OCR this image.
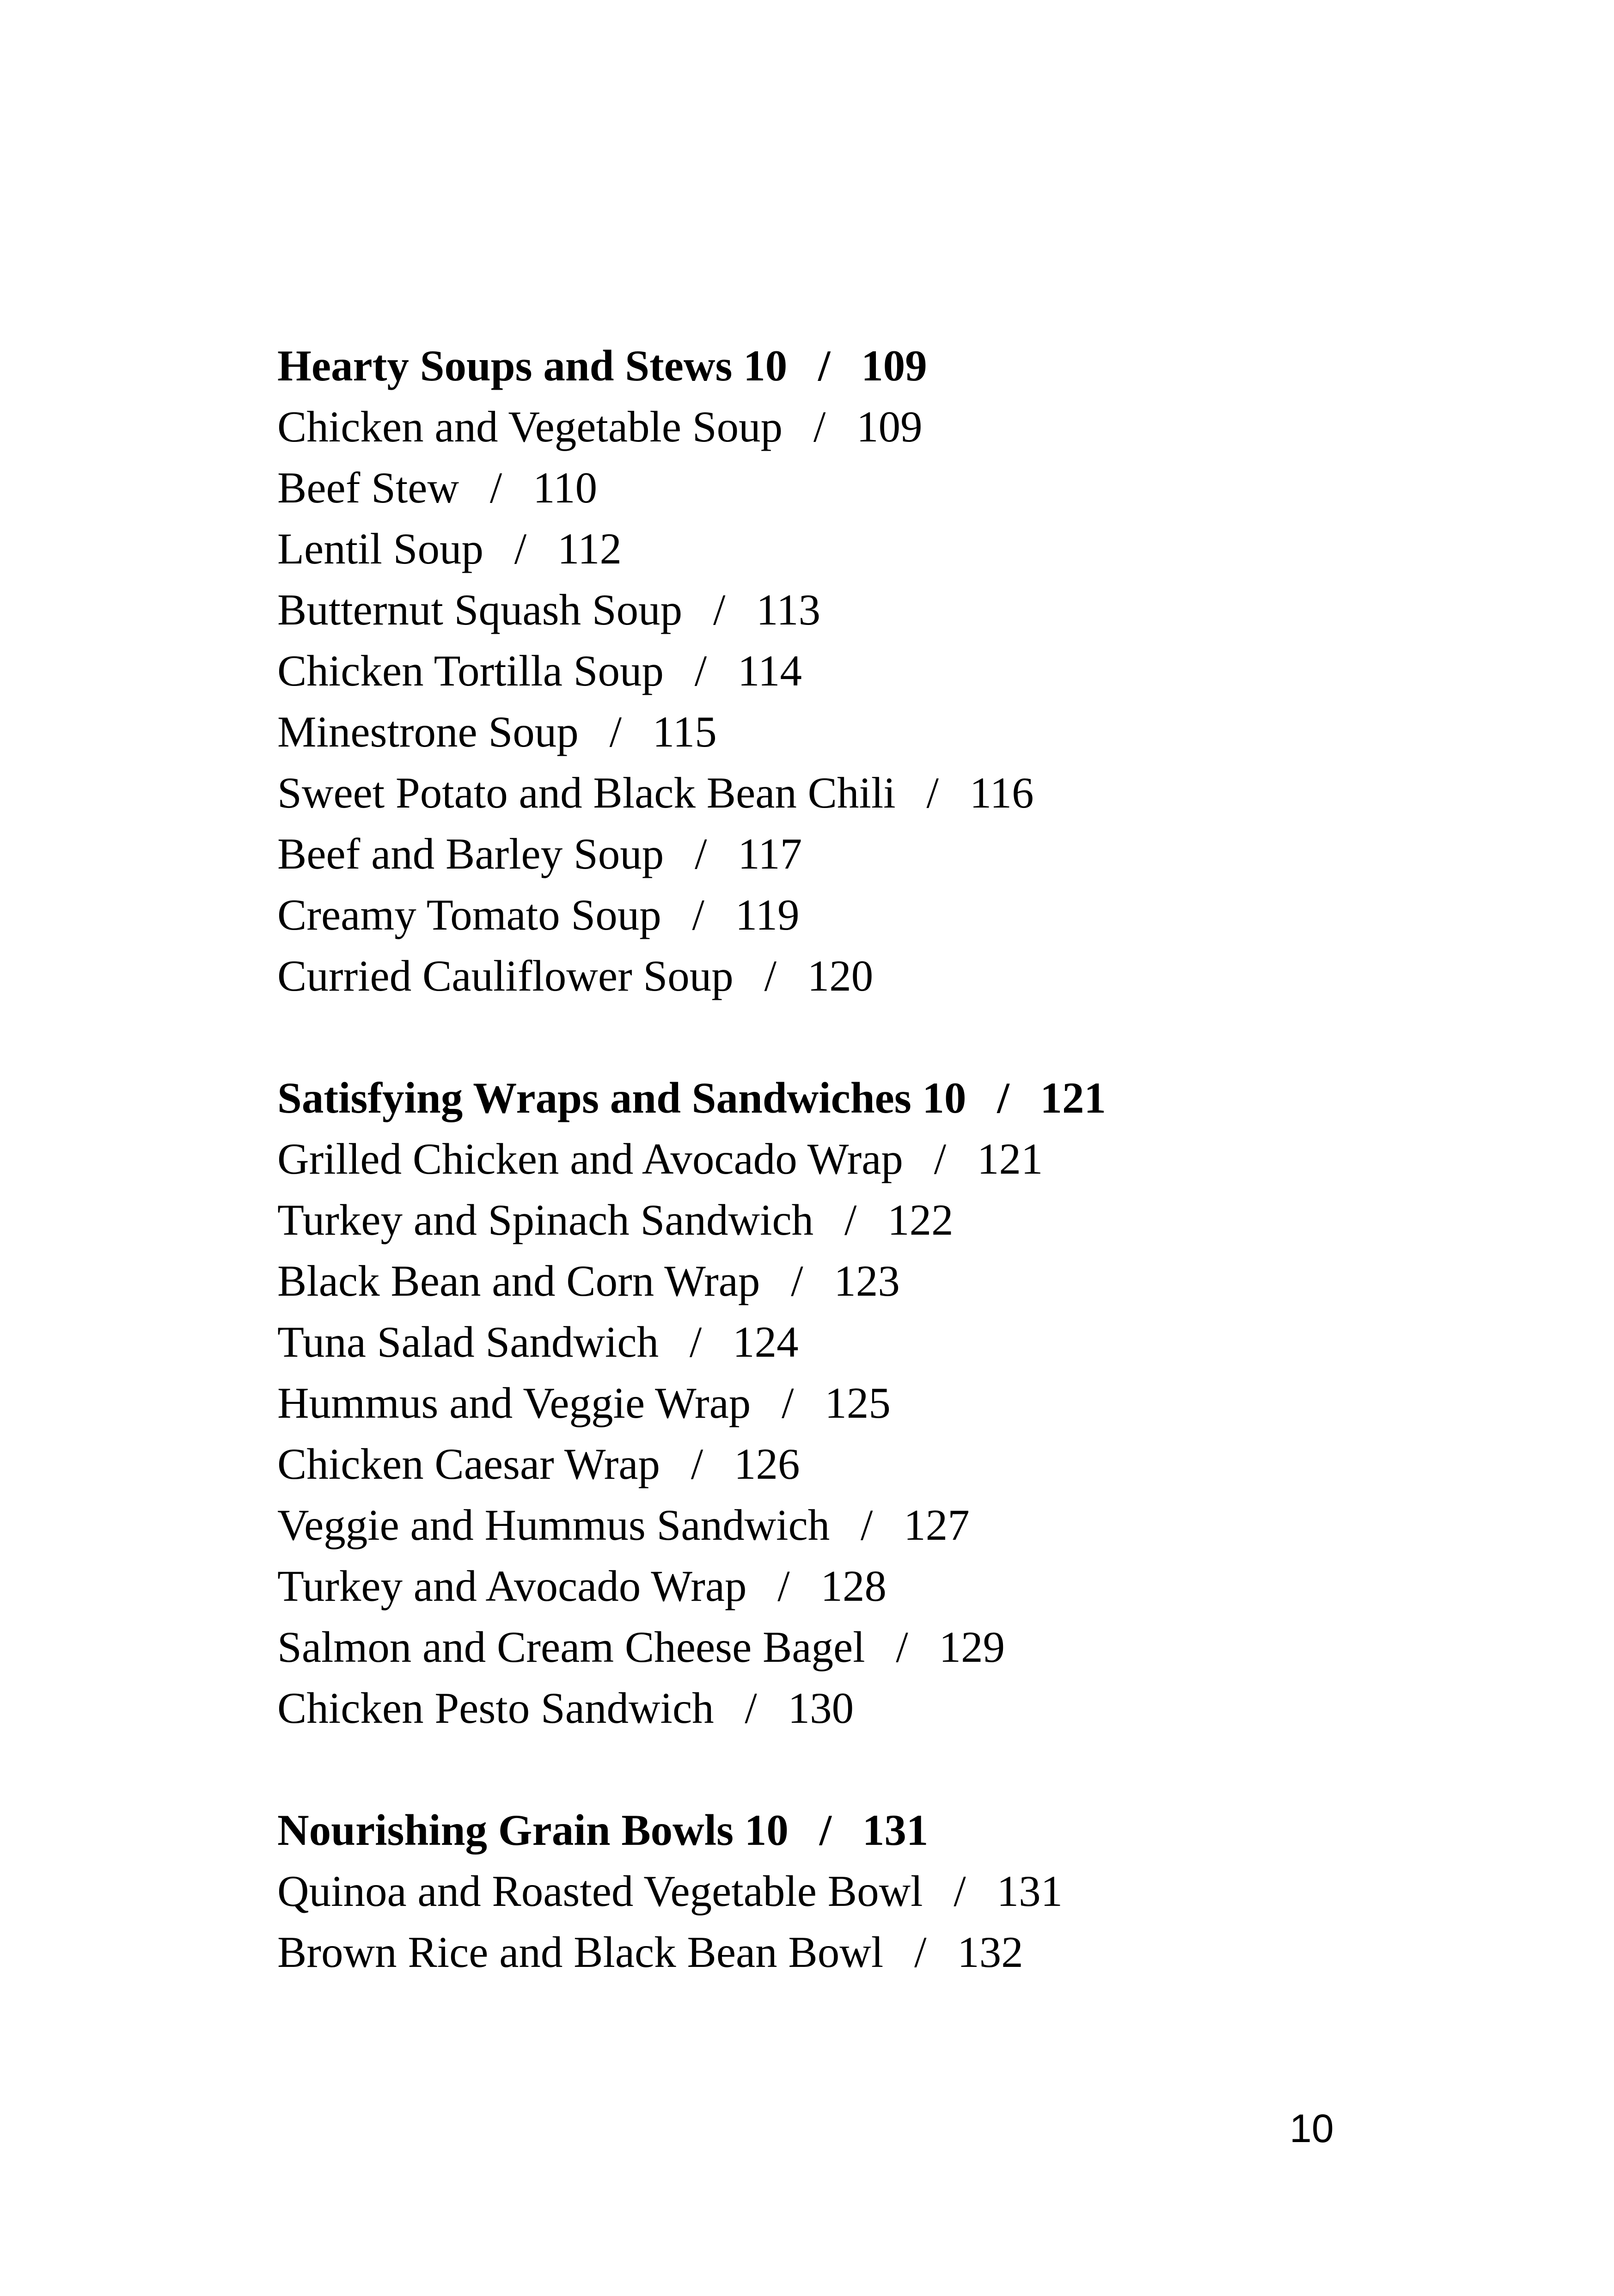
Hearty Soups and Stews 10 / 109
Chicken and Vegetable Soup / 109
Beef Stew / 110
Lentil Soup / 112
Butternut Squash Soup / 113
Chicken Tortilla Soup / 114
Minestrone Soup / 115
Sweet Potato and Black Bean Chili / 116
Beef and Barley Soup / 117
Creamy Tomato Soup / 119
Curried Cauliflower Soup / 120
Satisfying Wraps and Sandwiches 10 / 121
Grilled Chicken and Avocado Wrap / 121
Turkey and Spinach Sandwich / 122
Black Bean and Corn Wrap / 123
Tuna Salad Sandwich / 124
Hummus and Veggie Wrap / 125
Chicken Caesar Wrap / 126
Veggie and Hummus Sandwich / 127
Turkey and Avocado Wrap / 128
Salmon and Cream Cheese Bagel / 129
Chicken Pesto Sandwich / 130
Nourishing Grain Bowls 10 / 131
Quinoa and Roasted Vegetable Bowl / 131
Brown Rice and Black Bean Bowl / 132
10
